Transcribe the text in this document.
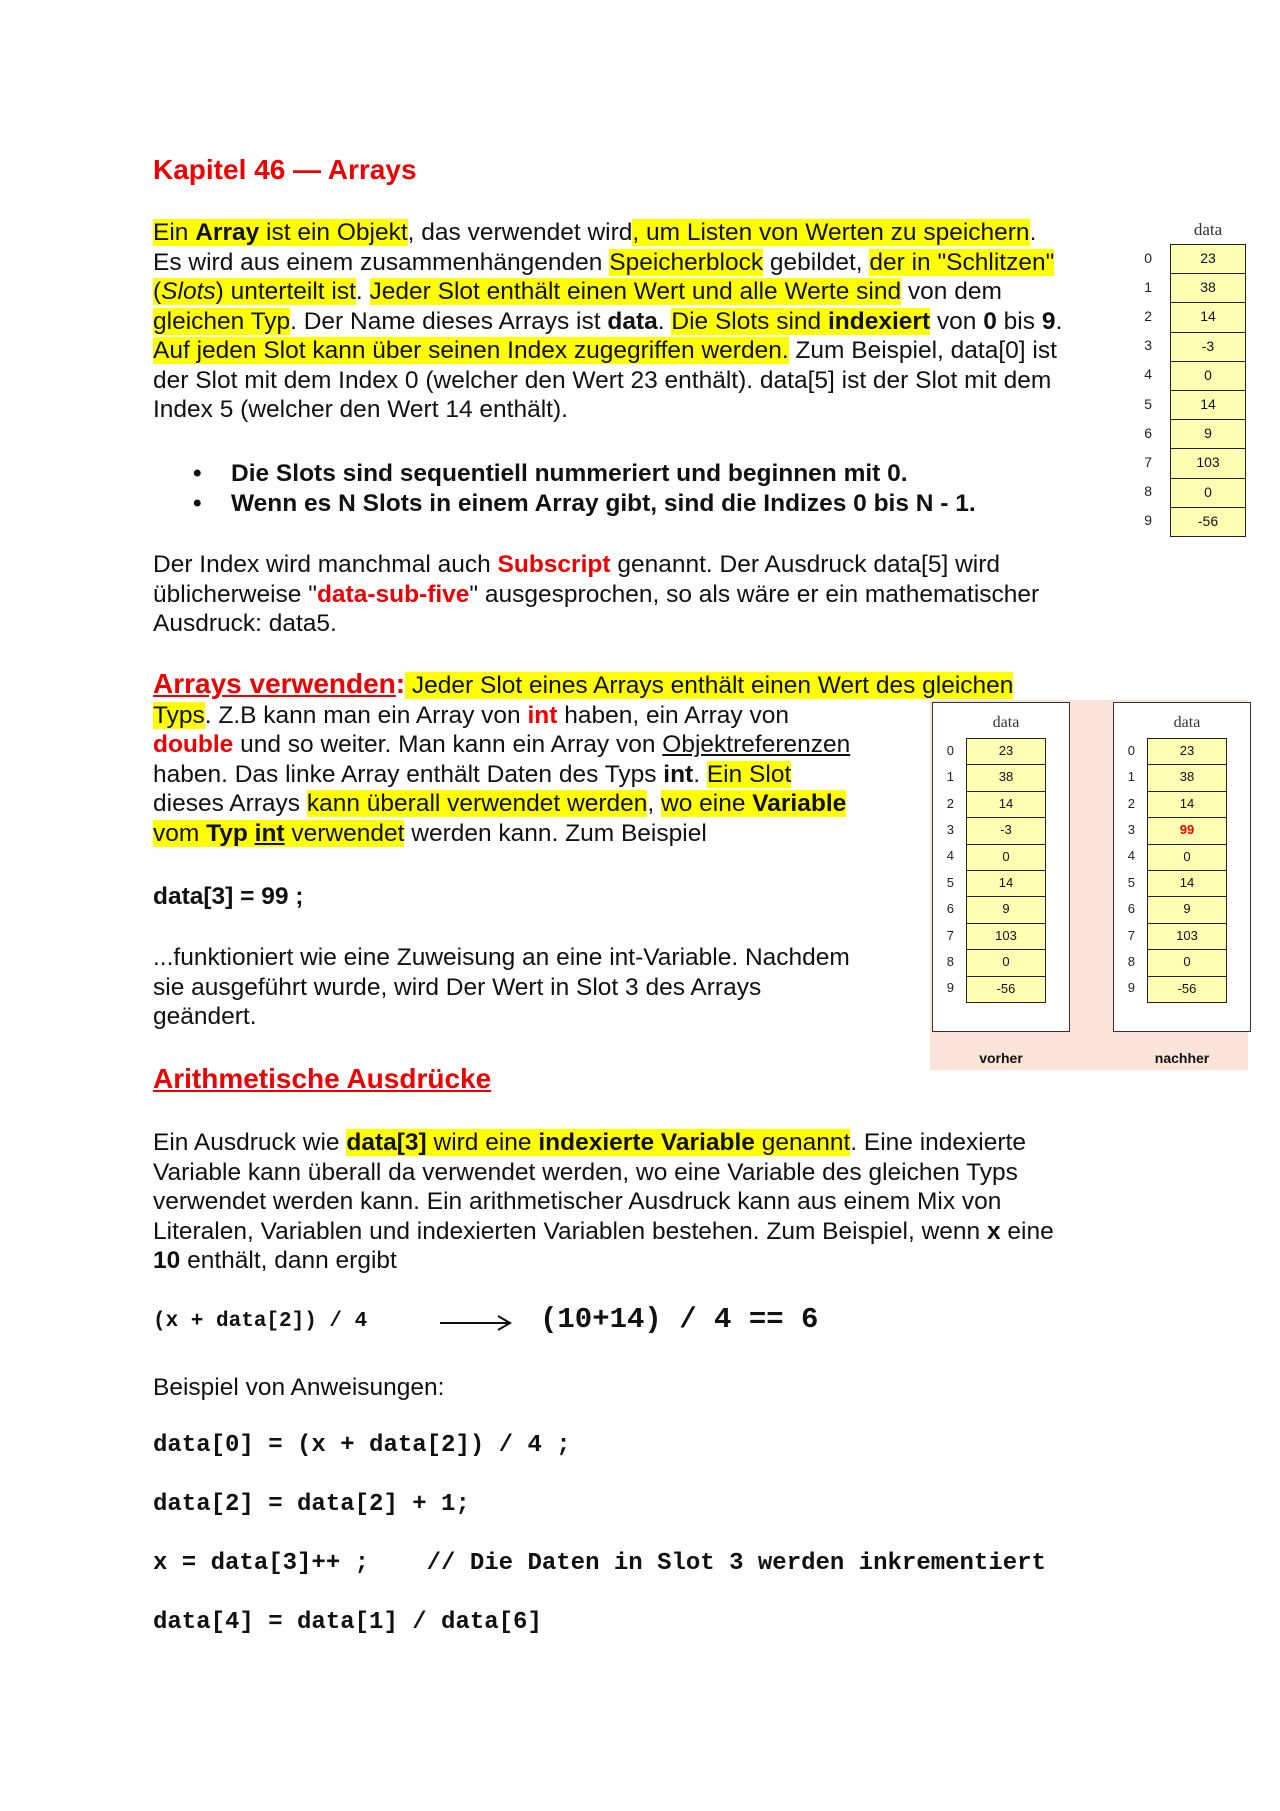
Kapitel 46 — Arrays
Ein Array ist ein Objekt, das verwendet wird, um Listen von Werten zu speichern.
Es wird aus einem zusammenhängenden Speicherblock gebildet, der in "Schlitzen"
(Slots) unterteilt ist. Jeder Slot enthält einen Wert und alle Werte sind von dem
gleichen Typ. Der Name dieses Arrays ist data. Die Slots sind indexiert von 0 bis 9.
Auf jeden Slot kann über seinen Index zugegriffen werden. Zum Beispiel, data[0] ist
der Slot mit dem Index 0 (welcher den Wert 23 enthält). data[5] ist der Slot mit dem
Index 5 (welcher den Wert 14 enthält).
• Die Slots sind sequentiell nummeriert und beginnen mit 0.
• Wenn es N Slots in einem Array gibt, sind die Indizes 0 bis N - 1.
Der Index wird manchmal auch Subscript genannt. Der Ausdruck data[5] wird
üblicherweise "data-sub-five" ausgesprochen, so als wäre er ein mathematischer
Ausdruck: data5.
Arrays verwenden: Jeder Slot eines Arrays enthält einen Wert des gleichen
Typs. Z.B kann man ein Array von int haben, ein Array von
double und so weiter. Man kann ein Array von Objektreferenzen
haben. Das linke Array enthält Daten des Typs int. Ein Slot
dieses Arrays kann überall verwendet werden, wo eine Variable
vom Typ int verwendet werden kann. Zum Beispiel
data[3] = 99 ;
...funktioniert wie eine Zuweisung an eine int-Variable. Nachdem
sie ausgeführt wurde, wird Der Wert in Slot 3 des Arrays
geändert.
Arithmetische Ausdrücke
Ein Ausdruck wie data[3] wird eine indexierte Variable genannt. Eine indexierte
Variable kann überall da verwendet werden, wo eine Variable des gleichen Typs
verwendet werden kann. Ein arithmetischer Ausdruck kann aus einem Mix von
Literalen, Variablen und indexierten Variablen bestehen. Zum Beispiel, wenn x eine
10 enthält, dann ergibt
(x + data[2]) / 4	(10+14) / 4 == 6
Beispiel von Anweisungen:
data[0] = (x + data[2]) / 4 ;
data[2] = data[2] + 1;
x = data[3]++ ;    // Die Daten in Slot 3 werden inkrementiert
data[4] = data[1] / data[6]
data
0	23
1	38
2	14
3	-3
4	0
5	14
6	9
7	103
8	0
9	-56
data
0	23
1	38
2	14
3	-3
4	0
5	14
6	9
7	103
8	0
9	-56
data
0	23
1	38
2	14
3	99
4	0
5	14
6	9
7	103
8	0
9	-56
vorher	nachher
